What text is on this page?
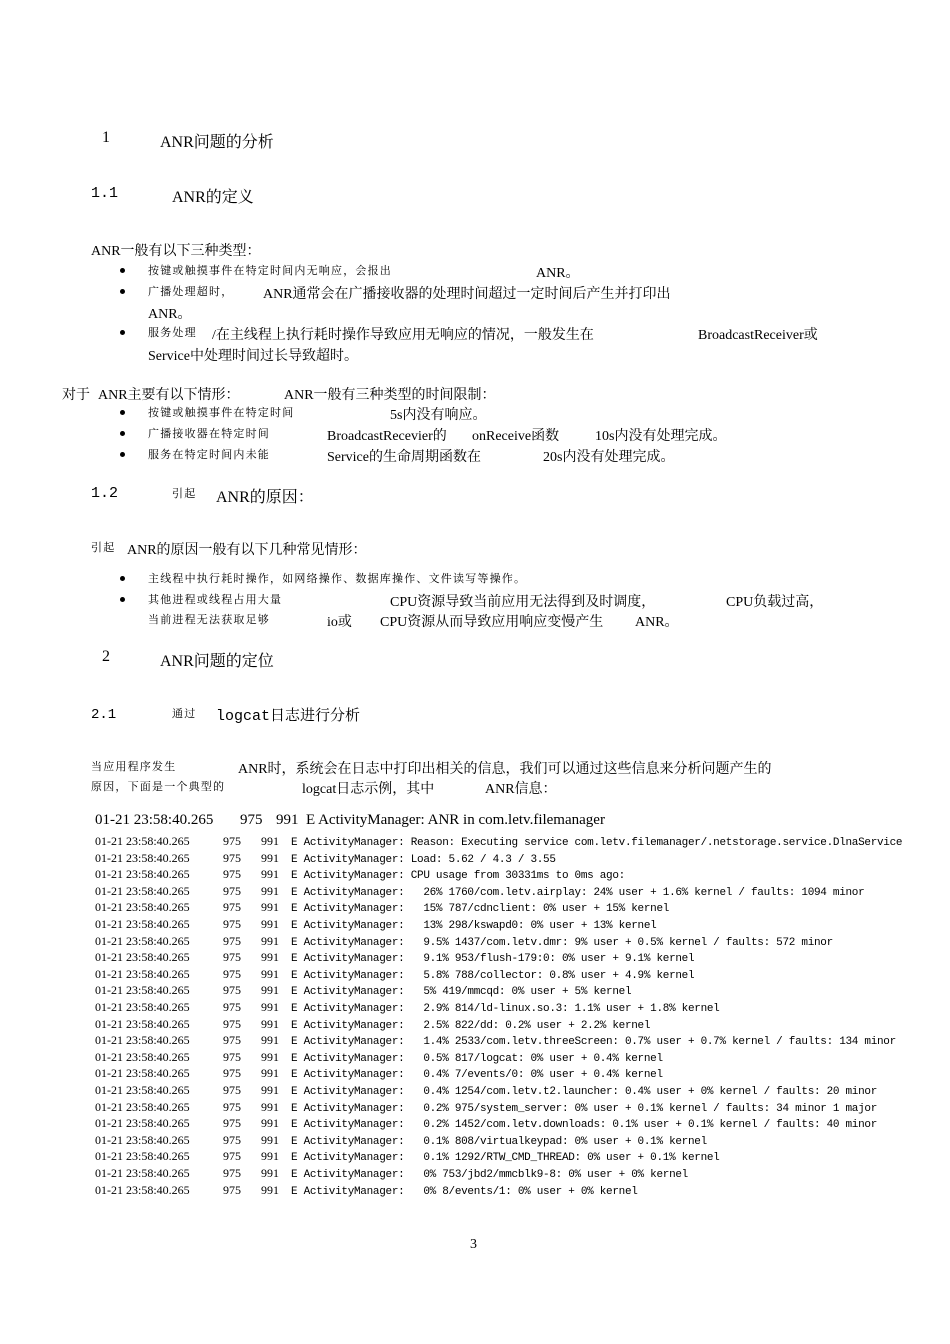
1	ANR问题的分析
1.1	ANR的定义
ANR一般有以下三种类型：
按键或触摸事件在特定时间内无响应，会报出	ANR。
广播处理超时， ANR通常会在广播接收器的处理时间超过一定时间后产生并打印出
ANR。
服务处理 /在主线程上执行耗时操作导致应用无响应的情况，一般发生在	BroadcastReceiver或
Service中处理时间过长导致超时。
对于 ANR主要有以下情形：	ANR一般有三种类型的时间限制：
按键或触摸事件在特定时间	5s内没有响应。
广播接收器在特定时间	BroadcastRecevier的 onReceive函数	10s内没有处理完成。
服务在特定时间内未能	Service的生命周期函数在	20s内没有处理完成。
1.2	引起 ANR的原因：
引起 ANR的原因一般有以下几种常见情形：
主线程中执行耗时操作，如网络操作、数据库操作、文件读写等操作。
其他进程或线程占用大量	CPU资源导致当前应用无法得到及时调度，	CPU负载过高，
当前进程无法获取足够	io或 CPU资源从而导致应用响应变慢产生 ANR。
2	ANR问题的定位
2.1	通过 logcat日志进行分析
当应用程序发生	ANR时，系统会在日志中打印出相关的信息，我们可以通过这些信息来分析问题产生的
原因，下面是一个典型的	logcat日志示例，其中	ANR信息：
01-21 23:58:40.265 975 991 E ActivityManager: ANR in com.letv.filemanager
01-21 23:58:40.265	975 991 E ActivityManager: Reason: Executing service com.letv.filemanager/.netstorage.service.DlnaService
01-21 23:58:40.265	975 991 E ActivityManager: Load: 5.62 / 4.3 / 3.55
01-21 23:58:40.265	975 991 E ActivityManager: CPU usage from 30331ms to 0ms ago:
01-21 23:58:40.265	975 991 E ActivityManager:   26% 1760/com.letv.airplay: 24% user + 1.6% kernel / faults: 1094 minor
01-21 23:58:40.265	975 991 E ActivityManager:   15% 787/cdnclient: 0% user + 15% kernel
01-21 23:58:40.265	975 991 E ActivityManager:   13% 298/kswapd0: 0% user + 13% kernel
01-21 23:58:40.265	975 991 E ActivityManager:   9.5% 1437/com.letv.dmr: 9% user + 0.5% kernel / faults: 572 minor
01-21 23:58:40.265	975 991 E ActivityManager:   9.1% 953/flush-179:0: 0% user + 9.1% kernel
01-21 23:58:40.265	975 991 E ActivityManager:   5.8% 788/collector: 0.8% user + 4.9% kernel
01-21 23:58:40.265	975 991 E ActivityManager:   5% 419/mmcqd: 0% user + 5% kernel
01-21 23:58:40.265	975 991 E ActivityManager:   2.9% 814/ld-linux.so.3: 1.1% user + 1.8% kernel
01-21 23:58:40.265	975 991 E ActivityManager:   2.5% 822/dd: 0.2% user + 2.2% kernel
01-21 23:58:40.265	975 991 E ActivityManager:   1.4% 2533/com.letv.threeScreen: 0.7% user + 0.7% kernel / faults: 134 minor
01-21 23:58:40.265	975 991 E ActivityManager:   0.5% 817/logcat: 0% user + 0.4% kernel
01-21 23:58:40.265	975 991 E ActivityManager:   0.4% 7/events/0: 0% user + 0.4% kernel
01-21 23:58:40.265	975 991 E ActivityManager:   0.4% 1254/com.letv.t2.launcher: 0.4% user + 0% kernel / faults: 20 minor
01-21 23:58:40.265	975 991 E ActivityManager:   0.2% 975/system_server: 0% user + 0.1% kernel / faults: 34 minor 1 major
01-21 23:58:40.265	975 991 E ActivityManager:   0.2% 1452/com.letv.downloads: 0.1% user + 0.1% kernel / faults: 40 minor
01-21 23:58:40.265	975 991 E ActivityManager:   0.1% 808/virtualkeypad: 0% user + 0.1% kernel
01-21 23:58:40.265	975 991 E ActivityManager:   0.1% 1292/RTW_CMD_THREAD: 0% user + 0.1% kernel
01-21 23:58:40.265	975 991 E ActivityManager:   0% 753/jbd2/mmcblk9-8: 0% user + 0% kernel
01-21 23:58:40.265	975 991 E ActivityManager:   0% 8/events/1: 0% user + 0% kernel
3
